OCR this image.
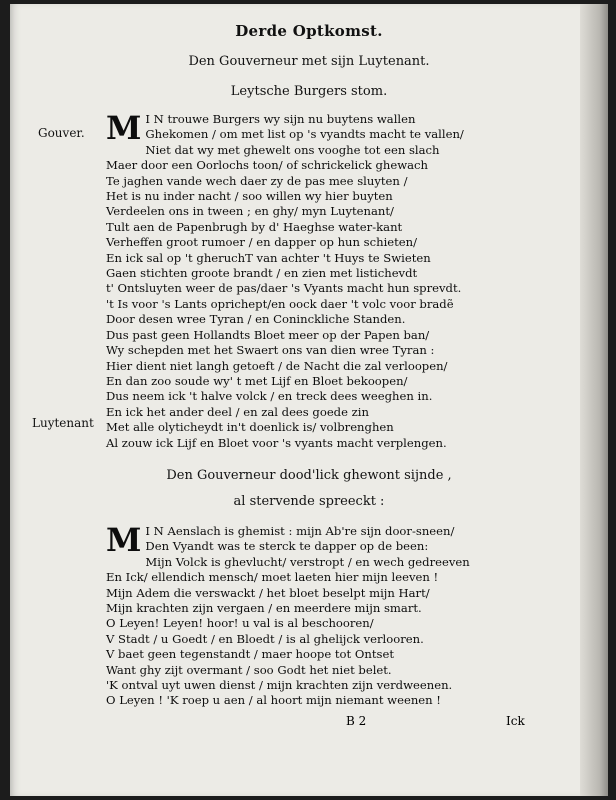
Derde Optkomst.
Den Gouverneur met sijn Luytenant.
Leytsche Burgers stom.
Gouver.
Luytenant
M I N trouwe Burgers wy sijn nu buytens wallen
Ghekomen / om met list op 's vyandts macht te vallen/
Niet dat wy met ghewelt ons vooghe tot een slach
Maer door een Oorlochs toon/ of schrickelick ghewach
Te jaghen vande wech daer zy de pas mee sluyten /
Het is nu inder nacht / soo willen wy hier buyten
Verdeelen ons in tween ; en ghy/ myn Luytenant/
Tult aen de Papenbrugh by d' Haeghse water-kant
Verheffen groot rumoer / en dapper op hun schieten/
En ick sal op 't gheruchT van achter 't Huys te Swieten
Gaen stichten groote brandt / en zien met listichevdt
t' Ontsluyten weer de pas/daer 's Vyants macht hun sprevdt.
't Is voor 's Lants oprichept/en oock daer 't volc voor bradẽ
Door desen wree Tyran / en Coninckliche Standen.
Dus past geen Hollandts Bloet meer op der Papen ban/
Wy schepden met het Swaert ons van dien wree Tyran :
Hier dient niet langh getoeft / de Nacht die zal verloopen/
En dan zoo soude wy' t met Lijf en Bloet bekoopen/
Dus neem ick 't halve volck / en treck dees weeghen in.
En ick het ander deel / en zal dees goede zin
Met alle olyticheydt in't doenlick is/ volbrenghen
Al zouw ick Lijf en Bloet voor 's vyants macht verplengen.
Den Gouverneur dood'lick ghewont sijnde ,
al stervende spreeckt :
M I N Aenslach is ghemist : mijn Ab're sijn door-sneen/
Den Vyandt was te sterck te dapper op de been:
Mijn Volck is ghevlucht/ verstropt / en wech gedreeven
En Ick/ ellendich mensch/ moet laeten hier mijn leeven !
Mijn Adem die verswackt / het bloet beselpt mijn Hart/
Mijn krachten zijn vergaen / en meerdere mijn smart.
O Leyen! Leyen! hoor! u val is al beschooren/
V Stadt / u Goedt / en Bloedt / is al ghelijck verlooren.
V baet geen tegenstandt / maer hoope tot Ontset
Want ghy zijt overmant / soo Godt het niet belet.
'K ontval uyt uwen dienst / mijn krachten zijn verdweenen.
O Leyen ! 'K roep u aen / al hoort mijn niemant weenen !
B 2	Ick
